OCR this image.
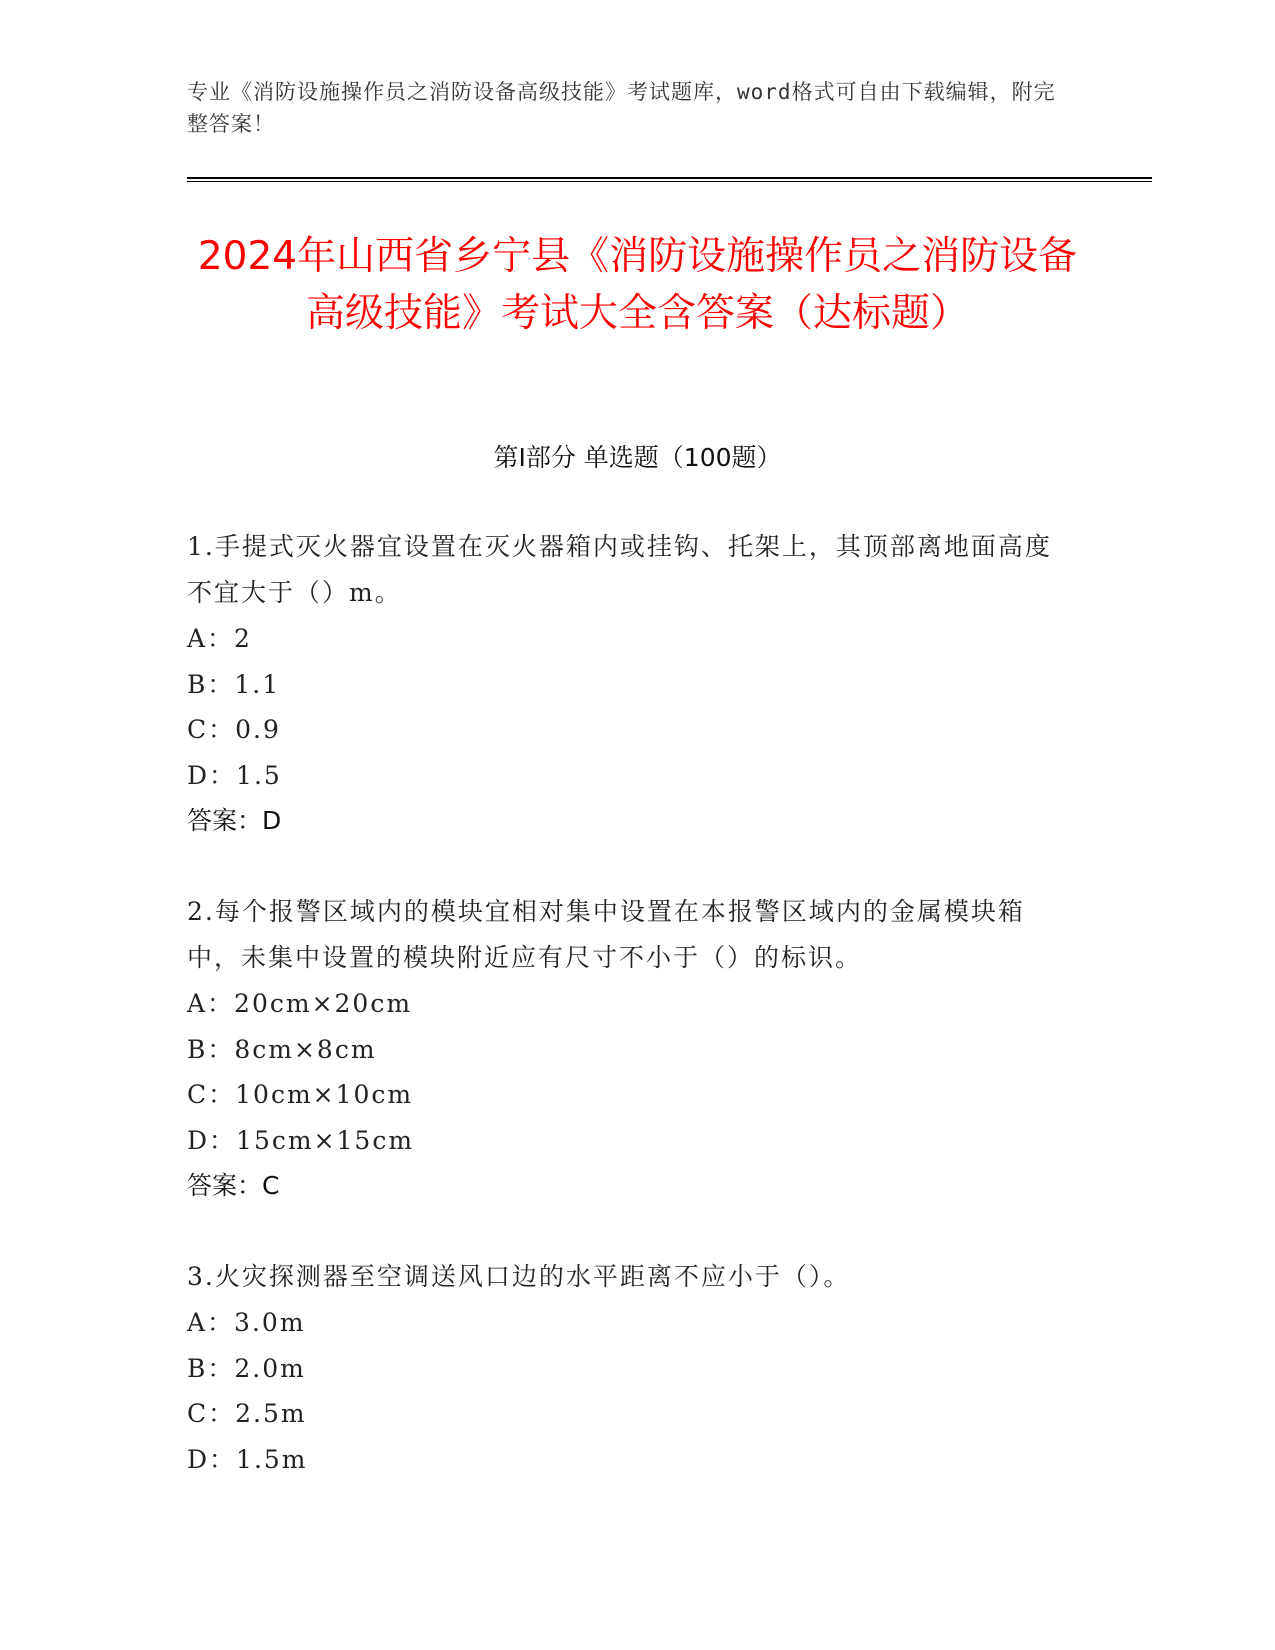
专业《消防设施操作员之消防设备高级技能》考试题库，word格式可自由下载编辑，附完整答案！
2024年山西省乡宁县《消防设施操作员之消防设备高级技能》考试大全含答案（达标题）
第I部分 单选题（100题）
1.手提式灭火器宜设置在灭火器箱内或挂钩、托架上，其顶部离地面高度不宜大于（）m。
A：2
B：1.1
C：0.9
D：1.5
答案：D
2.每个报警区域内的模块宜相对集中设置在本报警区域内的金属模块箱中，未集中设置的模块附近应有尺寸不小于（）的标识。
A：20cm×20cm
B：8cm×8cm
C：10cm×10cm
D：15cm×15cm
答案：C
3.火灾探测器至空调送风口边的水平距离不应小于（）。
A：3.0m
B：2.0m
C：2.5m
D：1.5m
